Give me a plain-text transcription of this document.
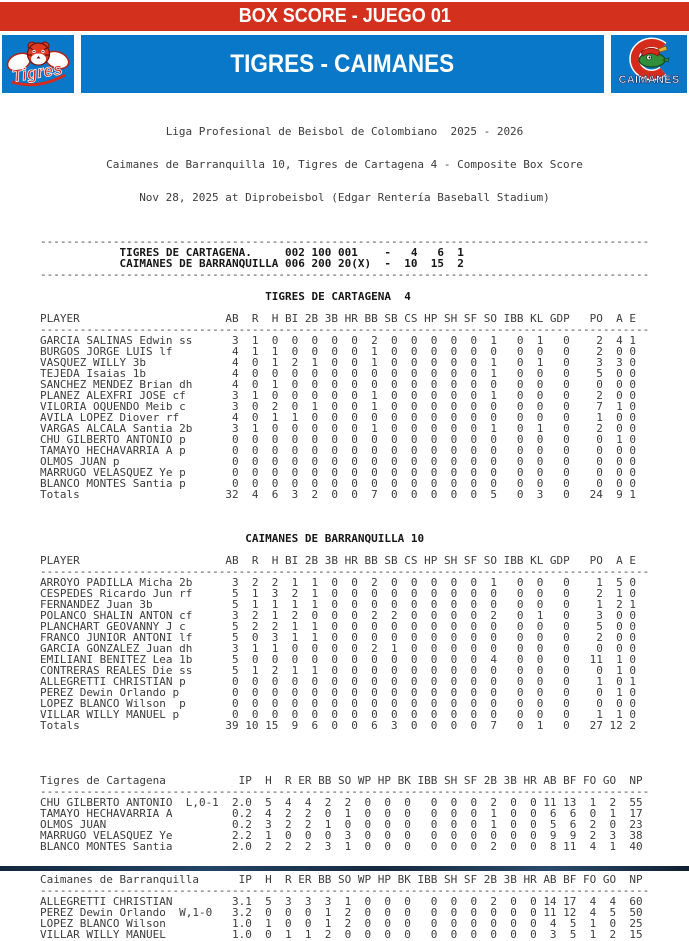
BOX SCORE - JUEGO 01
Tigres	TIGRES - CAIMANES
CAIMANES

Liga Profesional de Beisbol de Colombiano  2025 - 2026

Caimanes de Barranquilla 10, Tigres de Cartagena 4 - Composite Box Score

Nov 28, 2025 at Diprobeisbol (Edgar Rentería Baseball Stadium)

--------------------------------------------------------------------------------------------
TIGRES DE CARTAGENA.     002 100 001    -   4   6  1
CAIMANES DE BARRANQUILLA 006 200 20(X)  -  10  15  2
--------------------------------------------------------------------------------------------
TIGRES DE CARTAGENA  4

PLAYER                      AB  R  H BI 2B 3B HR BB SB CS HP SH SF SO IBB KL GDP   PO  A E
--------------------------------------------------------------------------------------------
GARCIA SALINAS Edwin ss      3  1  0  0  0  0  0  2  0  0  0  0  0  1   0  1   0    2  4 1
BURGOS JORGE LUIS lf         4  1  1  0  0  0  0  1  0  0  0  0  0  0   0  0   0    2  0 0
VASQUEZ WILLY 3b             4  0  1  2  1  0  0  1  0  0  0  0  0  1   0  1   0    3  3 0
TEJEDA Isaias 1b             4  0  0  0  0  0  0  0  0  0  0  0  0  1   0  0   0    5  0 0
SANCHEZ MENDEZ Brian dh      4  0  1  0  0  0  0  0  0  0  0  0  0  0   0  0   0    0  0 0
PLANEZ ALEXFRI JOSE cf       3  1  0  0  0  0  0  1  0  0  0  0  0  1   0  0   0    2  0 0
VILORIA OQUENDO Meib c       3  0  2  0  1  0  0  1  0  0  0  0  0  0   0  0   0    7  1 0
AVILA LOPEZ Diover rf        4  0  1  1  0  0  0  0  0  0  0  0  0  0   0  0   0    1  0 0
VARGAS ALCALA Santia 2b      3  1  0  0  0  0  0  1  0  0  0  0  0  1   0  1   0    2  0 0
CHU GILBERTO ANTONIO p       0  0  0  0  0  0  0  0  0  0  0  0  0  0   0  0   0    0  1 0
TAMAYO HECHAVARRIA A p       0  0  0  0  0  0  0  0  0  0  0  0  0  0   0  0   0    0  0 0
OLMOS JUAN p                 0  0  0  0  0  0  0  0  0  0  0  0  0  0   0  0   0    0  0 0
MARRUGO VELASQUEZ Ye p       0  0  0  0  0  0  0  0  0  0  0  0  0  0   0  0   0    0  0 0
BLANCO MONTES Santia p       0  0  0  0  0  0  0  0  0  0  0  0  0  0   0  0   0    0  0 0
Totals                      32  4  6  3  2  0  0  7  0  0  0  0  0  5   0  3   0   24  9 1
CAIMANES DE BARRANQUILLA 10

PLAYER                      AB  R  H BI 2B 3B HR BB SB CS HP SH SF SO IBB KL GDP   PO  A E
--------------------------------------------------------------------------------------------
ARROYO PADILLA Micha 2b      3  2  2  1  1  0  0  2  0  0  0  0  0  1   0  0   0    1  5 0
CESPEDES Ricardo Jun rf      5  1  3  2  1  0  0  0  0  0  0  0  0  0   0  0   0    2  1 0
FERNANDEZ Juan 3b            5  1  1  1  1  0  0  0  0  0  0  0  0  0   0  0   0    1  2 1
POLANCO SHALIN ANTON cf      3  2  1  2  0  0  0  2  2  0  0  0  0  2   0  1   0    3  0 0
PLANCHART GEOVANNY J c       5  2  2  1  1  0  0  0  0  0  0  0  0  0   0  0   0    5  0 0
FRANCO JUNIOR ANTONI lf      5  0  3  1  1  0  0  0  0  0  0  0  0  0   0  0   0    2  0 0
GARCIA GONZALEZ Juan dh      3  1  1  0  0  0  0  2  1  0  0  0  0  0   0  0   0    0  0 0
EMILIANI BENITEZ Lea 1b      5  0  0  0  0  0  0  0  0  0  0  0  0  4   0  0   0   11  1 0
CONTRERAS REALES Die ss      5  1  2  1  1  0  0  0  0  0  0  0  0  0   0  0   0    0  1 0
ALLEGRETTI CHRISTIAN p       0  0  0  0  0  0  0  0  0  0  0  0  0  0   0  0   0    1  0 1
PEREZ Dewin Orlando p        0  0  0  0  0  0  0  0  0  0  0  0  0  0   0  0   0    0  1 0
LOPEZ BLANCO Wilson  p       0  0  0  0  0  0  0  0  0  0  0  0  0  0   0  0   0    0  0 0
VILLAR WILLY MANUEL p        0  0  0  0  0  0  0  0  0  0  0  0  0  0   0  0   0    1  1 0
Totals                      39 10 15  9  6  0  0  6  3  0  0  0  0  7   0  1   0   27 12 2
Tigres de Cartagena           IP  H  R ER BB SO WP HP BK IBB SH SF 2B 3B HR AB BF FO GO  NP
--------------------------------------------------------------------------------------------
CHU GILBERTO ANTONIO  L,0-1  2.0  5  4  4  2  2  0  0  0   0  0  0  2  0  0 11 13  1  2  55
TAMAYO HECHAVARRIA A         0.2  4  2  2  0  1  0  0  0   0  0  0  1  0  0  6  6  0  1  17
OLMOS JUAN                   0.2  3  2  2  1  0  0  0  0   0  0  0  1  0  0  5  6  2  0  23
MARRUGO VELASQUEZ Ye         2.2  1  0  0  0  3  0  0  0   0  0  0  0  0  0  9  9  2  3  38
BLANCO MONTES Santia         2.0  2  2  2  3  1  0  0  0   0  0  0  2  0  0  8 11  4  1  40
Caimanes de Barranquilla      IP  H  R ER BB SO WP HP BK IBB SH SF 2B 3B HR AB BF FO GO  NP
--------------------------------------------------------------------------------------------
ALLEGRETTI CHRISTIAN         3.1  5  3  3  3  1  0  0  0   0  0  0  2  0  0 14 17  4  4  60
PEREZ Dewin Orlando  W,1-0   3.2  0  0  0  1  2  0  0  0   0  0  0  0  0  0 11 12  4  5  50
LOPEZ BLANCO Wilson          1.0  1  0  0  1  2  0  0  0   0  0  0  0  0  0  4  5  1  0  25
VILLAR WILLY MANUEL          1.0  0  1  1  2  0  0  0  0   0  0  0  0  0  0  3  5  1  2  15
